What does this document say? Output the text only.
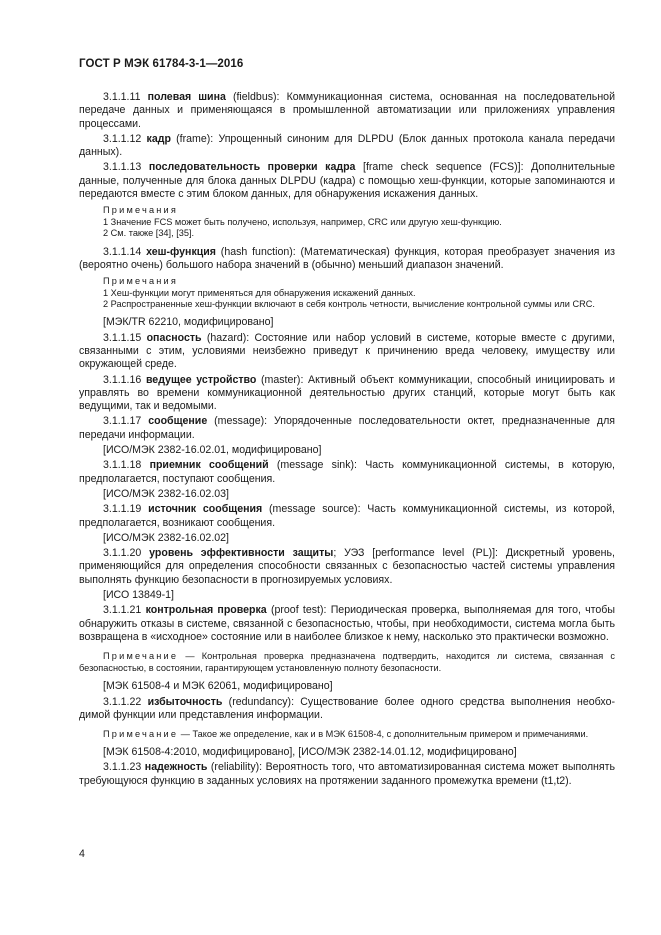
ГОСТ Р МЭК 61784-3-1—2016

3.1.1.11 полевая шина (fieldbus): Коммуникационная система, основанная на последовательной передаче данных и применяющаяся в промышленной автоматизации или приложениях управления процессами.

3.1.1.12 кадр (frame): Упрощенный синоним для DLPDU (Блок данных протокола канала передачи данных).

3.1.1.13 последовательность проверки кадра [frame check sequence (FCS)]: Дополнительные данные, полученные для блока данных DLPDU (кадра) с помощью хеш-функции, которые запоминаются и передаются вместе с этим блоком данных, для обнаружения искажения данных.

Примечания

1 Значение FCS может быть получено, используя, например, CRC или другую хеш-функцию.

2 См. также [34], [35].

3.1.1.14 хеш-функция (hash function): (Математическая) функция, которая преобразует значения из (вероятно очень) большого набора значений в (обычно) меньший диапазон значений.

Примечания

1 Хеш-функции могут применяться для обнаружения искажений данных.

2 Распространенные хеш-функции включают в себя контроль четности, вычисление контрольной суммы или CRC.

[МЭК/TR 62210, модифицировано]

3.1.1.15 опасность (hazard): Состояние или набор условий в системе, которые вместе с другими, связанными с этим, условиями неизбежно приведут к причинению вреда человеку, имуществу или окружающей среде.

3.1.1.16 ведущее устройство (master): Активный объект коммуникации, способный инициировать и управлять во времени коммуникационной деятельностью других станций, которые могут быть как ведущими, так и ведомыми.

3.1.1.17 сообщение (message): Упорядоченные последовательности октет, предназначенные для передачи информации.

[ИСО/МЭК 2382-16.02.01, модифицировано]

3.1.1.18 приемник сообщений (message sink): Часть коммуникационной системы, в которую, предполагается, поступают сообщения.

[ИСО/МЭК 2382-16.02.03]

3.1.1.19 источник сообщения (message source): Часть коммуникационной системы, из которой, предполагается, возникают сообщения.

[ИСО/МЭК 2382-16.02.02]

3.1.1.20 уровень эффективности защиты; УЭЗ [performance level (PL)]: Дискретный уровень, применяющийся для определения способности связанных с безопасностью частей системы управления выполнять функцию безопасности в прогнозируемых условиях.

[ИСО 13849-1]

3.1.1.21 контрольная проверка (proof test): Периодическая проверка, выполняемая для того, чтобы обнаружить отказы в системе, связанной с безопасностью, чтобы, при необходимости, система могла быть возвращена в «исходное» состояние или в наиболее близкое к нему, насколько это практически возможно.

Примечание — Контрольная проверка предназначена подтвердить, находится ли система, связанная с безопасностью, в состоянии, гарантирующем установленную полноту безопасности.

[МЭК 61508-4 и МЭК 62061, модифицировано]

3.1.1.22 избыточность (redundancy): Существование более одного средства выполнения необходимой функции или представления информации.

Примечание — Такое же определение, как и в МЭК 61508-4, с дополнительным примером и примечаниями.

[МЭК 61508-4:2010, модифицировано], [ИСО/МЭК 2382-14.01.12, модифицировано]

3.1.1.23 надежность (reliability): Вероятность того, что автоматизированная система может выполнять требующуюся функцию в заданных условиях на протяжении заданного промежутка времени (t1,t2).

4
